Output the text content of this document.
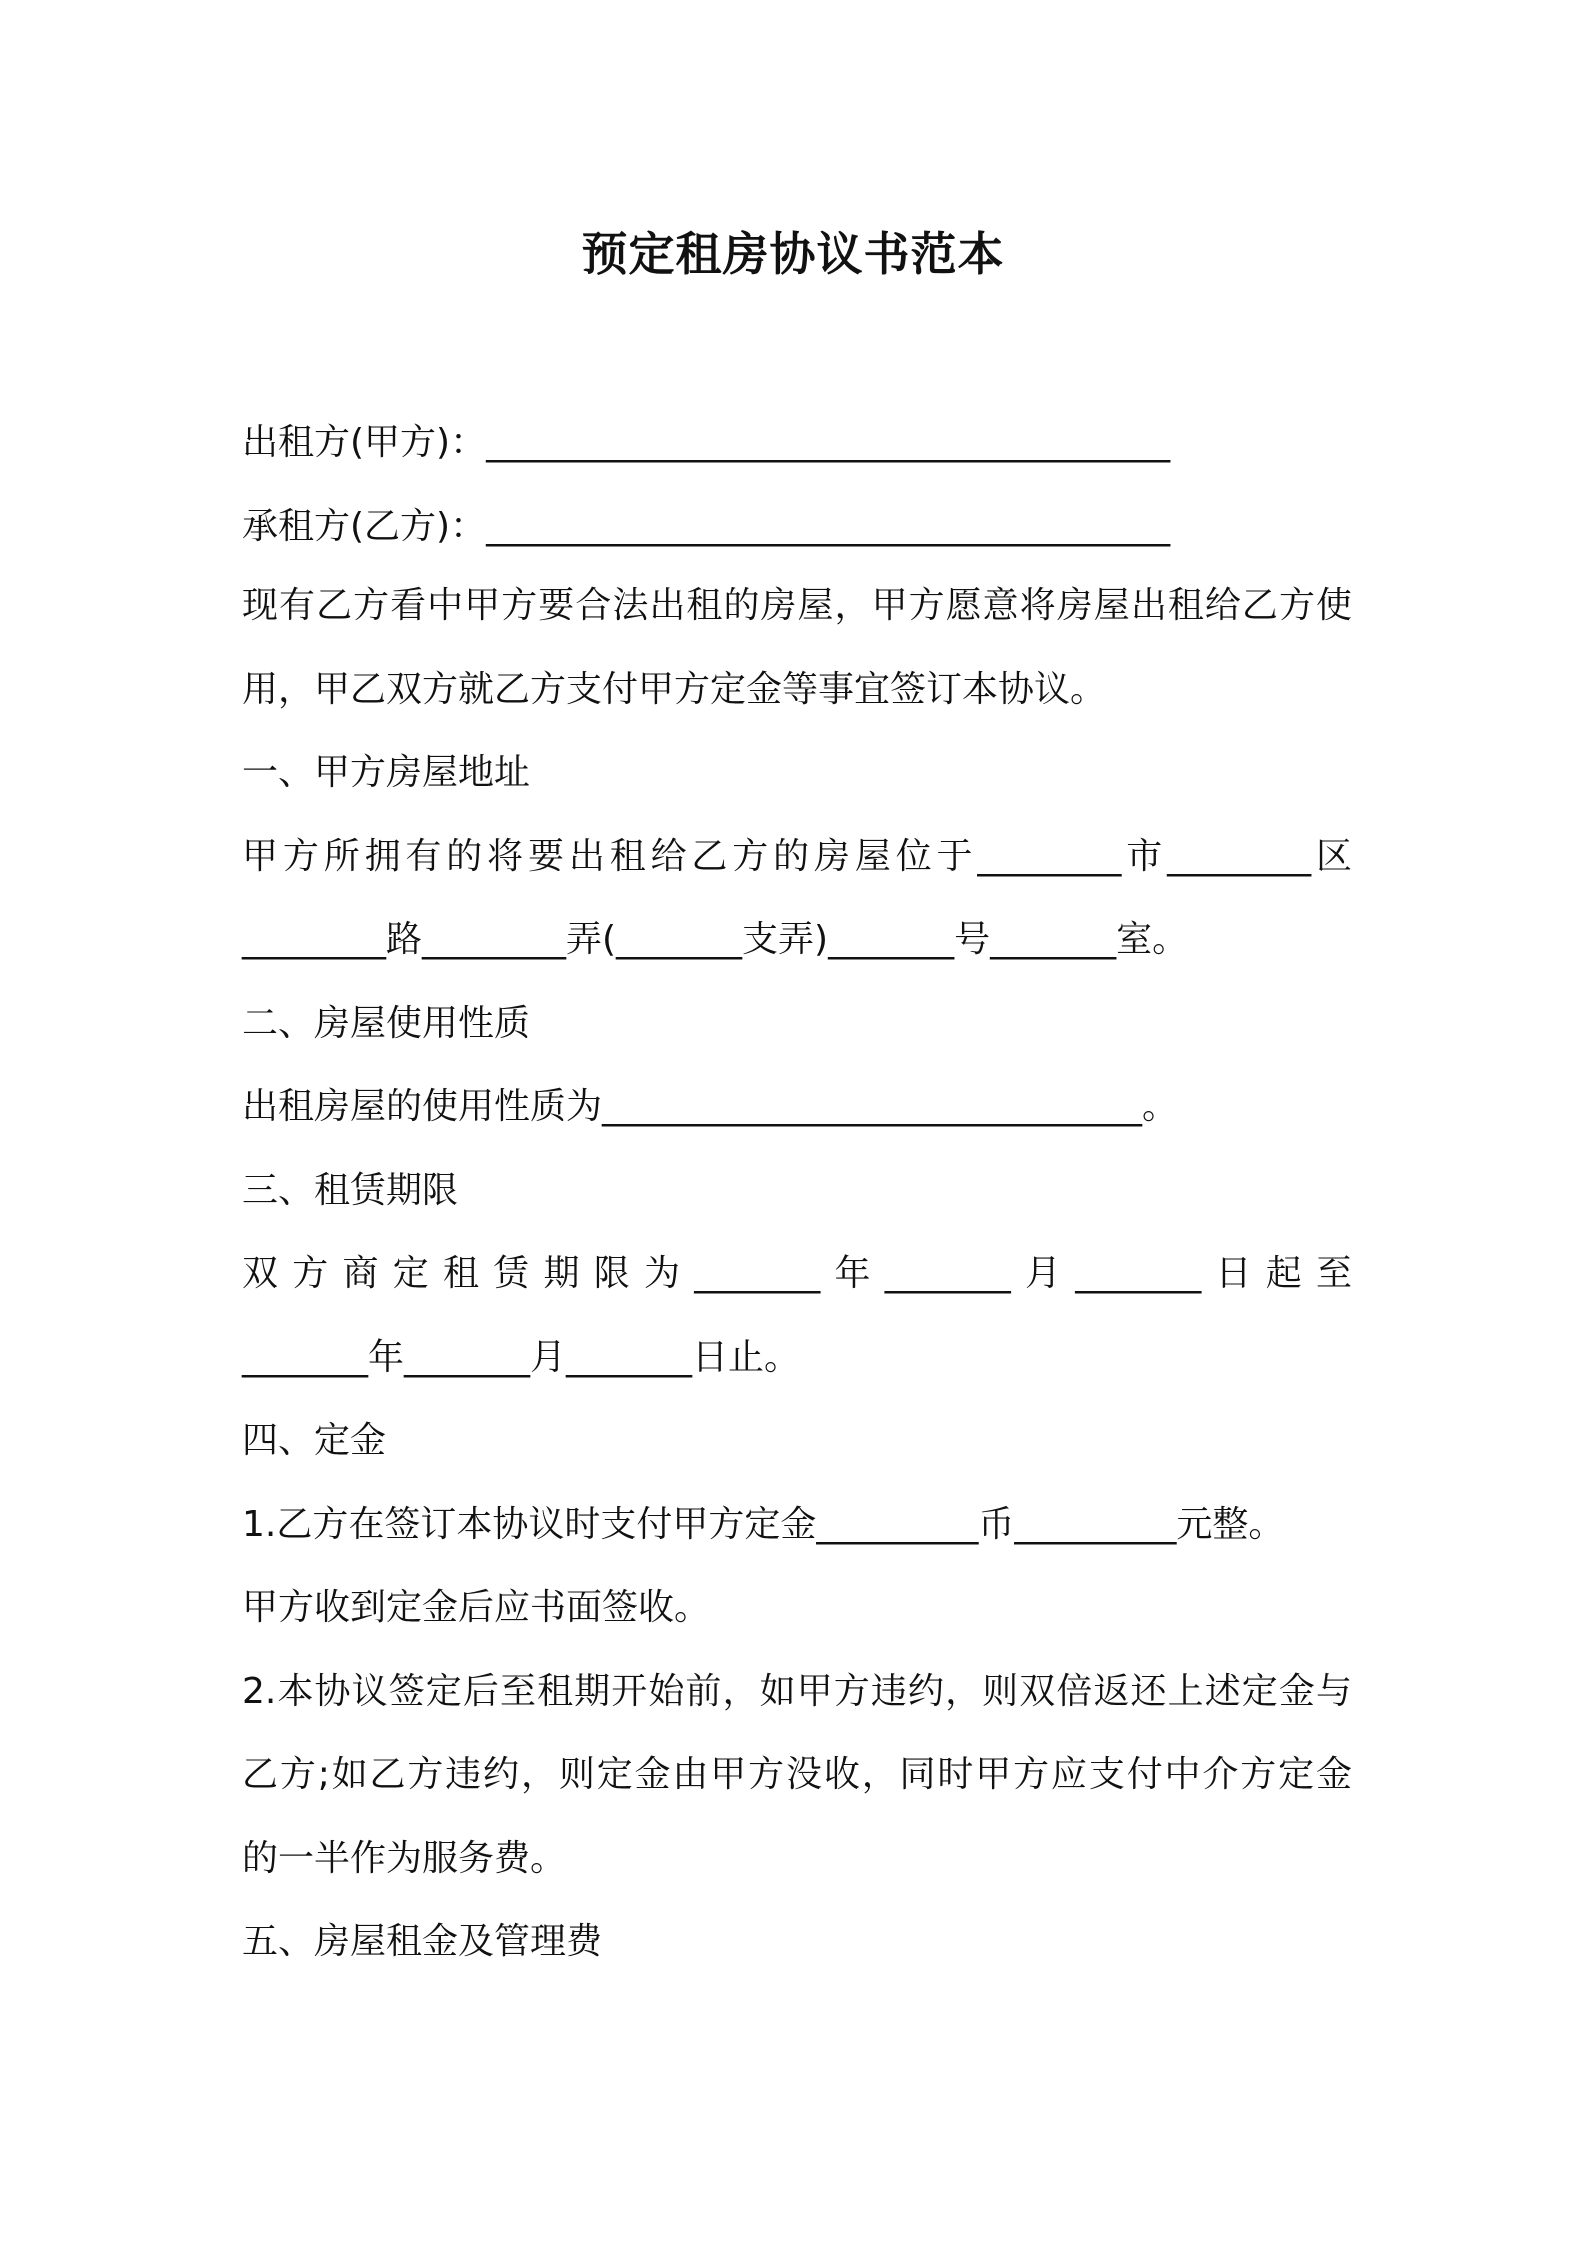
预定租房协议书范本
出租方(甲方)：______________________________________
承租方(乙方)：______________________________________
现有乙方看中甲方要合法出租的房屋，甲方愿意将房屋出租给乙方使
用，甲乙双方就乙方支付甲方定金等事宜签订本协议。
一、甲方房屋地址
甲方所拥有的将要出租给乙方的房屋位于________市________区
________路________弄(_______支弄)_______号_______室。
二、房屋使用性质
出租房屋的使用性质为______________________________。
三、租赁期限
双方商定租赁期限为_______年_______月_______日起至
_______年_______月_______日止。
四、定金
1.乙方在签订本协议时支付甲方定金_________币_________元整。
甲方收到定金后应书面签收。
2.本协议签定后至租期开始前，如甲方违约，则双倍返还上述定金与
乙方;如乙方违约，则定金由甲方没收，同时甲方应支付中介方定金
的一半作为服务费。
五、房屋租金及管理费
